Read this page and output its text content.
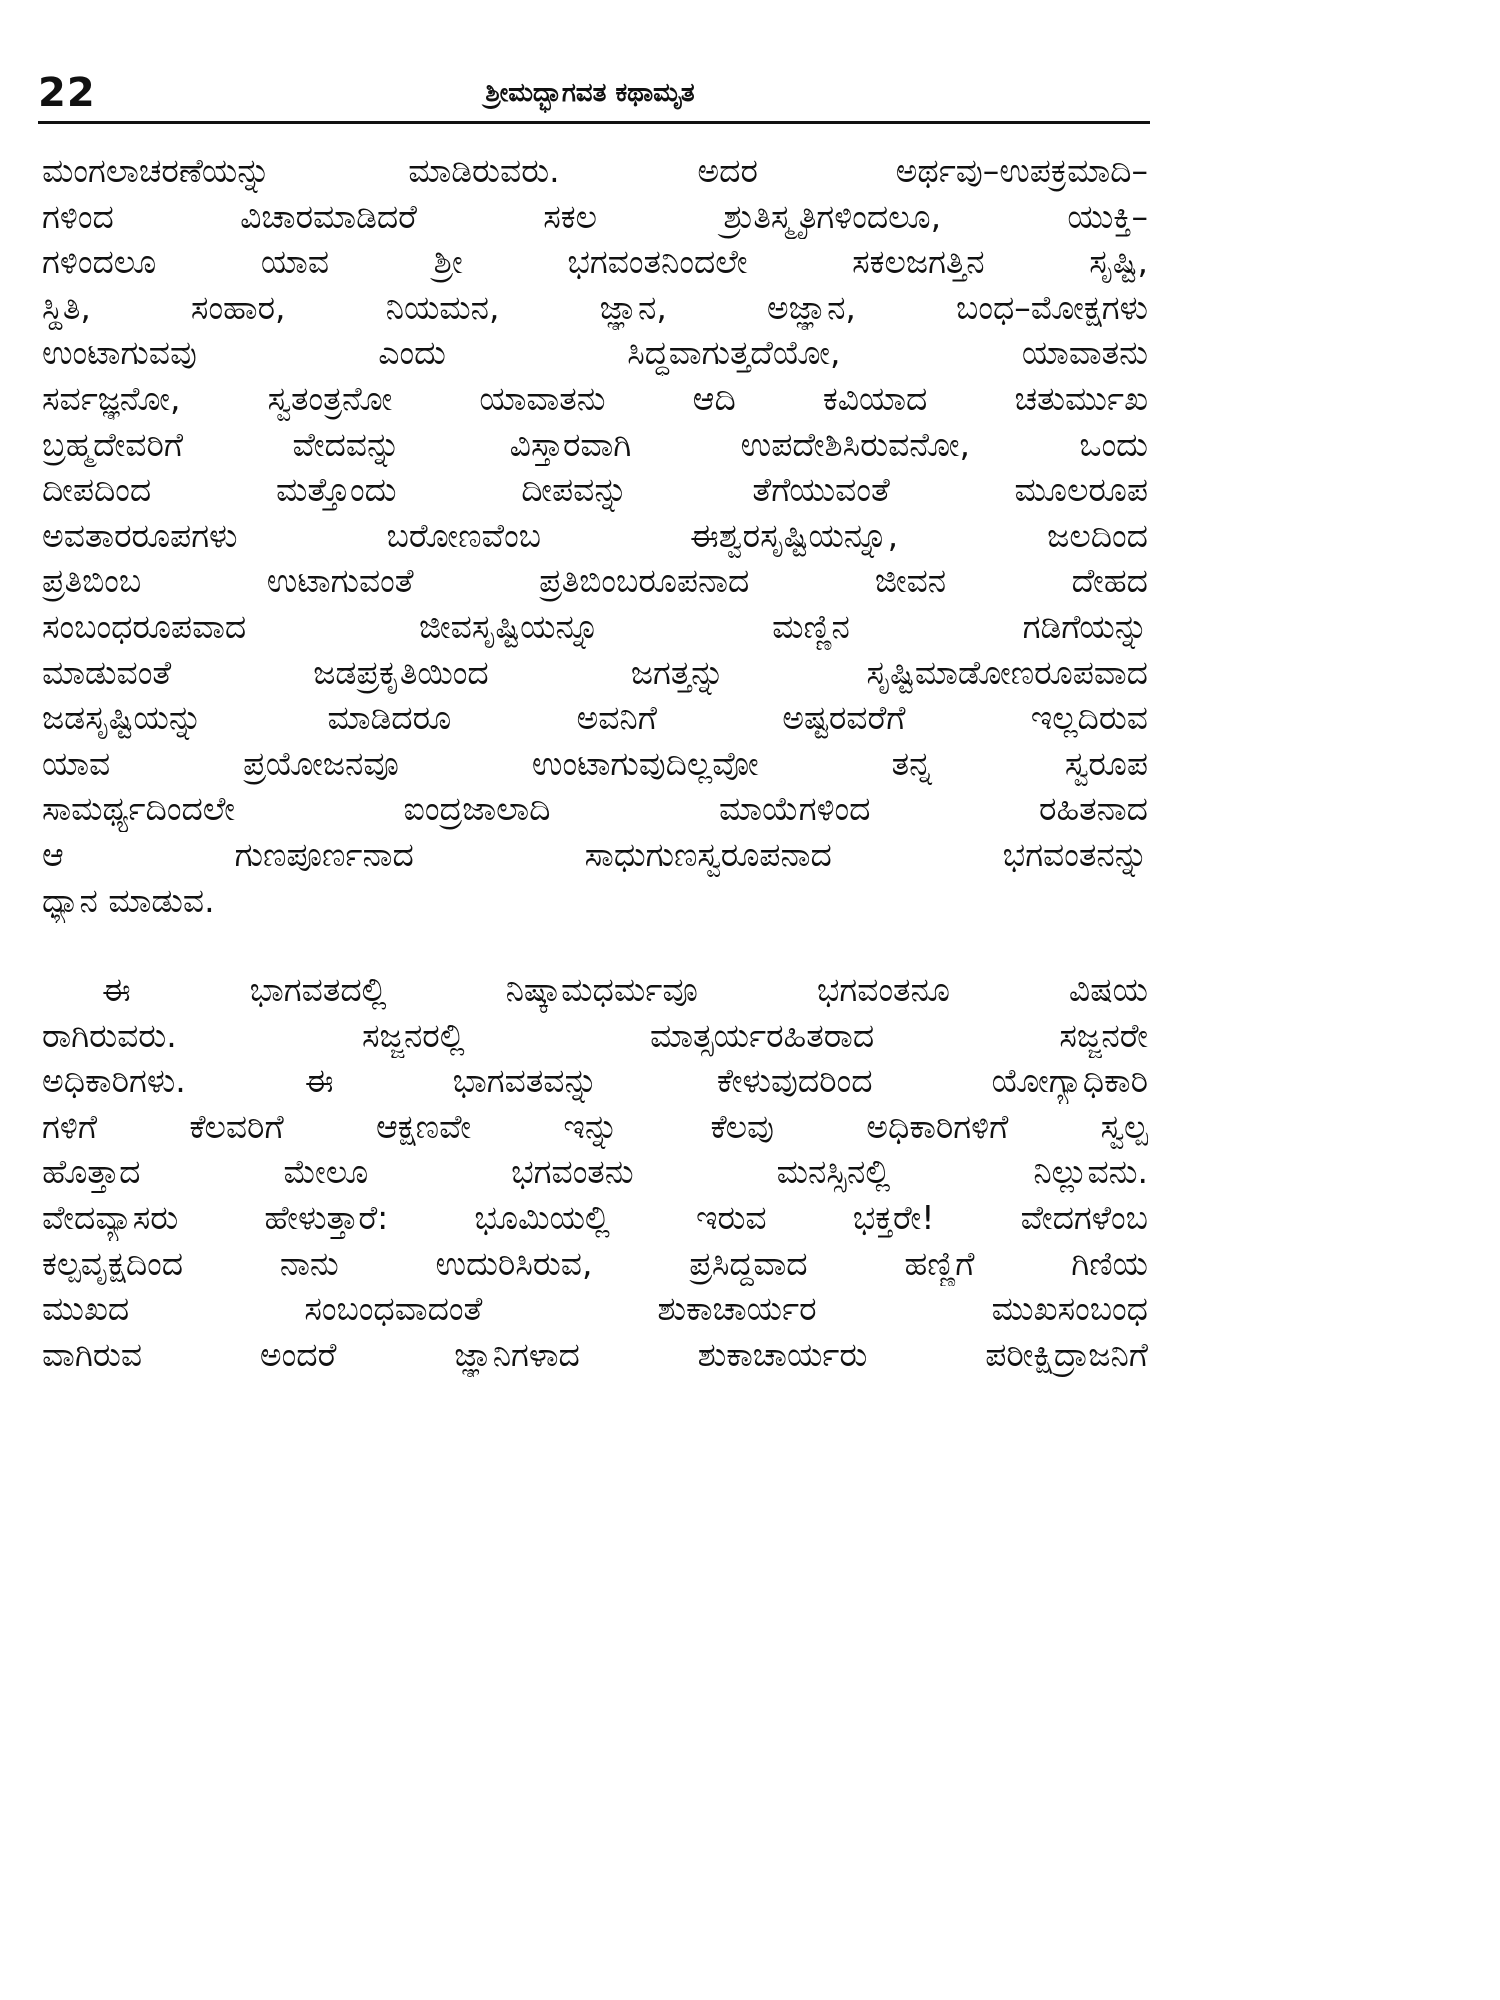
22	ಶ್ರೀಮದ್ಭಾಗವತ ಕಥಾಮೃತ
ಮಂಗಲಾಚರಣೆಯನ್ನು ಮಾಡಿರುವರು. ಅದರ ಅರ್ಥವು–ಉಪಕ್ರಮಾದಿ–
ಗಳಿಂದ ವಿಚಾರಮಾಡಿದರೆ ಸಕಲ ಶ್ರುತಿಸ್ಮೃತಿಗಳಿಂದಲೂ, ಯುಕ್ತಿ–
ಗಳಿಂದಲೂ ಯಾವ ಶ್ರೀ ಭಗವಂತನಿಂದಲೇ ಸಕಲಜಗತ್ತಿನ ಸೃಷ್ಟಿ,
ಸ್ಥಿತಿ, ಸಂಹಾರ, ನಿಯಮನ, ಜ್ಞಾನ, ಅಜ್ಞಾನ, ಬಂಧ–ಮೋಕ್ಷಗಳು
ಉಂಟಾಗುವವು ಎಂದು ಸಿದ್ಧವಾಗುತ್ತದೆಯೋ, ಯಾವಾತನು
ಸರ್ವಜ್ಞನೋ, ಸ್ವತಂತ್ರನೋ ಯಾವಾತನು ಆದಿ ಕವಿಯಾದ ಚತುರ್ಮುಖ
ಬ್ರಹ್ಮದೇವರಿಗೆ ವೇದವನ್ನು ವಿಸ್ತಾರವಾಗಿ ಉಪದೇಶಿಸಿರುವನೋ, ಒಂದು
ದೀಪದಿಂದ ಮತ್ತೊಂದು ದೀಪವನ್ನು ತೆಗೆಯುವಂತೆ ಮೂಲರೂಪ
ಅವತಾರರೂಪಗಳು ಬರೋಣವೆಂಬ ಈಶ್ವರಸೃಷ್ಟಿಯನ್ನೂ, ಜಲದಿಂದ
ಪ್ರತಿಬಿಂಬ ಉಟಾಗುವಂತೆ ಪ್ರತಿಬಿಂಬರೂಪನಾದ ಜೀವನ ದೇಹದ
ಸಂಬಂಧರೂಪವಾದ ಜೀವಸೃಷ್ಟಿಯನ್ನೂ ಮಣ್ಣಿನ ಗಡಿಗೆಯನ್ನು
ಮಾಡುವಂತೆ ಜಡಪ್ರಕೃತಿಯಿಂದ ಜಗತ್ತನ್ನು ಸೃಷ್ಟಿಮಾಡೋಣರೂಪವಾದ
ಜಡಸೃಷ್ಟಿಯನ್ನು ಮಾಡಿದರೂ ಅವನಿಗೆ ಅಷ್ಟರವರೆಗೆ ಇಲ್ಲದಿರುವ
ಯಾವ ಪ್ರಯೋಜನವೂ ಉಂಟಾಗುವುದಿಲ್ಲವೋ ತನ್ನ ಸ್ವರೂಪ
ಸಾಮರ್ಥ್ಯದಿಂದಲೇ ಐಂದ್ರಜಾಲಾದಿ ಮಾಯೆಗಳಿಂದ ರಹಿತನಾದ
ಆ ಗುಣಪೂರ್ಣನಾದ ಸಾಧುಗುಣಸ್ವರೂಪನಾದ ಭಗವಂತನನ್ನು
ಧ್ಯಾನ ಮಾಡುವ.
ಈ ಭಾಗವತದಲ್ಲಿ ನಿಷ್ಕಾಮಧರ್ಮವೂ ಭಗವಂತನೂ ವಿಷಯ
ರಾಗಿರುವರು. ಸಜ್ಜನರಲ್ಲಿ ಮಾತ್ಸರ್ಯರಹಿತರಾದ ಸಜ್ಜನರೇ
ಅಧಿಕಾರಿಗಳು. ಈ ಭಾಗವತವನ್ನು ಕೇಳುವುದರಿಂದ ಯೋಗ್ಯಾಧಿಕಾರಿ
ಗಳಿಗೆ ಕೆಲವರಿಗೆ ಆಕ್ಷಣವೇ ಇನ್ನು ಕೆಲವು ಅಧಿಕಾರಿಗಳಿಗೆ ಸ್ವಲ್ಪ
ಹೊತ್ತಾದ ಮೇಲೂ ಭಗವಂತನು ಮನಸ್ಸಿನಲ್ಲಿ ನಿಲ್ಲುವನು.
ವೇದವ್ಯಾಸರು ಹೇಳುತ್ತಾರೆ: ಭೂಮಿಯಲ್ಲಿ ಇರುವ ಭಕ್ತರೇ! ವೇದಗಳೆಂಬ
ಕಲ್ಪವೃಕ್ಷದಿಂದ ನಾನು ಉದುರಿಸಿರುವ, ಪ್ರಸಿದ್ಧವಾದ ಹಣ್ಣಿಗೆ ಗಿಣಿಯ
ಮುಖದ ಸಂಬಂಧವಾದಂತೆ ಶುಕಾಚಾರ್ಯರ ಮುಖಸಂಬಂಧ
ವಾಗಿರುವ ಅಂದರೆ ಜ್ಞಾನಿಗಳಾದ ಶುಕಾಚಾರ್ಯರು ಪರೀಕ್ಷಿದ್ರಾಜನಿಗೆ
